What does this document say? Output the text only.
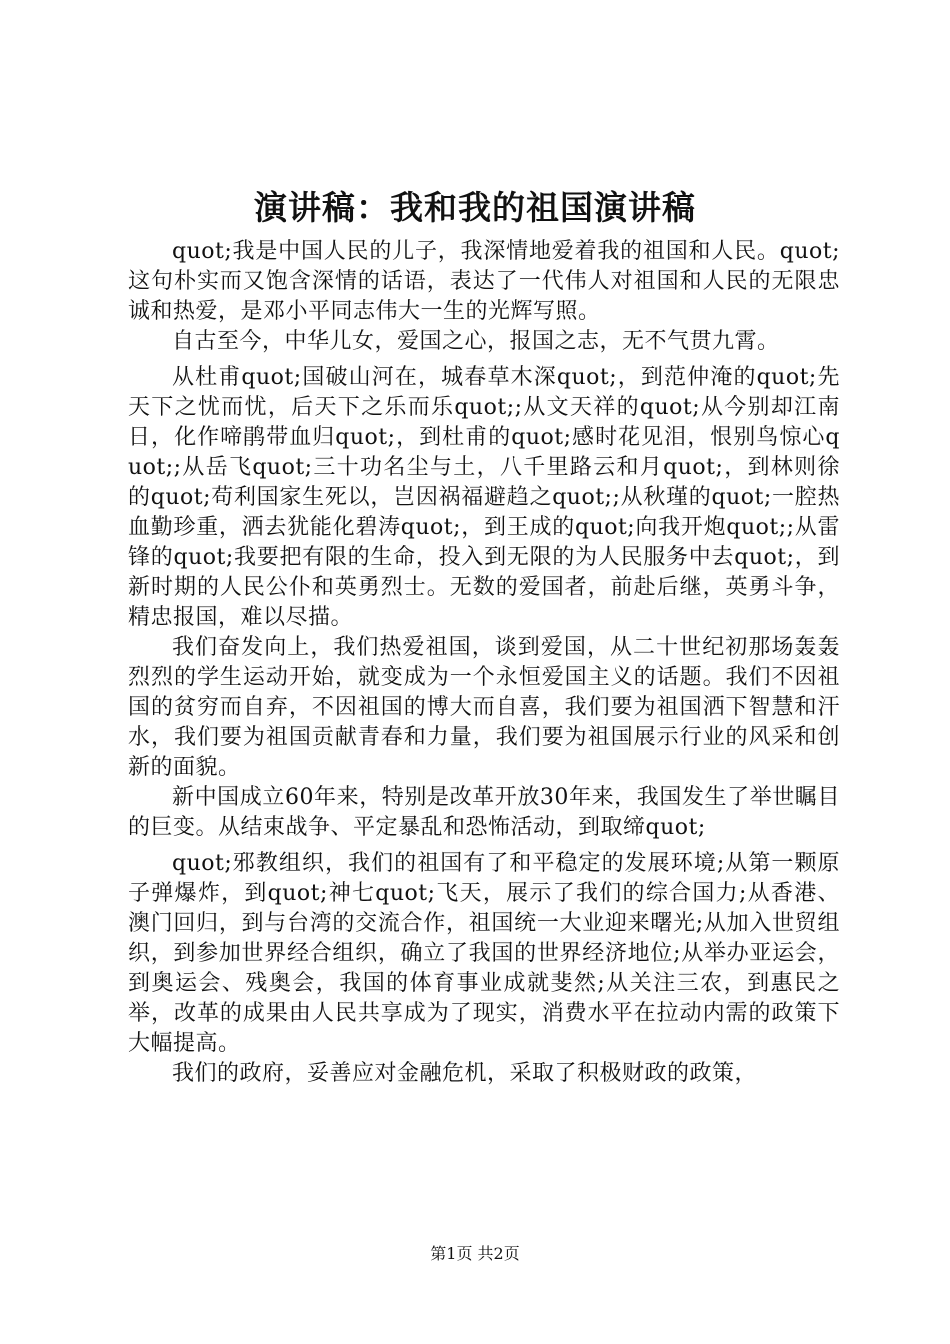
演讲稿：我和我的祖国演讲稿

quot;我是中国人民的儿子，我深情地爱着我的祖国和人民。quot;这句朴实而又饱含深情的话语，表达了一代伟人对祖国和人民的无限忠诚和热爱，是邓小平同志伟大一生的光辉写照。

自古至今，中华儿女，爱国之心，报国之志，无不气贯九霄。

从杜甫quot;国破山河在，城春草木深quot;，到范仲淹的quot;先天下之忧而忧，后天下之乐而乐quot;;从文天祥的quot;从今别却江南日，化作啼鹃带血归quot;，到杜甫的quot;感时花见泪，恨别鸟惊心quot;;从岳飞quot;三十功名尘与土，八千里路云和月quot;，到林则徐的quot;苟利国家生死以，岂因祸福避趋之quot;;从秋瑾的quot;一腔热血勤珍重，洒去犹能化碧涛quot;，到王成的quot;向我开炮quot;;从雷锋的quot;我要把有限的生命，投入到无限的为人民服务中去quot;，到新时期的人民公仆和英勇烈士。无数的爱国者，前赴后继，英勇斗争，精忠报国，难以尽描。

我们奋发向上，我们热爱祖国，谈到爱国，从二十世纪初那场轰轰烈烈的学生运动开始，就变成为一个永恒爱国主义的话题。我们不因祖国的贫穷而自弃，不因祖国的博大而自喜，我们要为祖国洒下智慧和汗水，我们要为祖国贡献青春和力量，我们要为祖国展示行业的风采和创新的面貌。

新中国成立60年来，特别是改革开放30年来，我国发生了举世瞩目的巨变。从结束战争、平定暴乱和恐怖活动，到取缔quot;

quot;邪教组织，我们的祖国有了和平稳定的发展环境;从第一颗原子弹爆炸，到quot;神七quot;飞天，展示了我们的综合国力;从香港、澳门回归，到与台湾的交流合作，祖国统一大业迎来曙光;从加入世贸组织，到参加世界经合组织，确立了我国的世界经济地位;从举办亚运会，到奥运会、残奥会，我国的体育事业成就斐然;从关注三农，到惠民之举，改革的成果由人民共享成为了现实，消费水平在拉动内需的政策下大幅提高。

我们的政府，妥善应对金融危机，采取了积极财政的政策，

第1页 共2页
